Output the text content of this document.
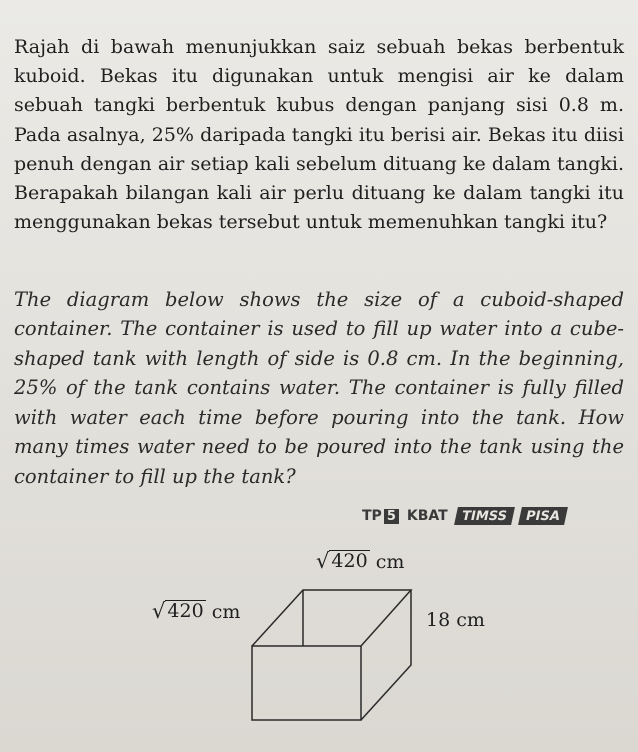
Rajah di bawah menunjukkan saiz sebuah bekas berbentuk kuboid. Bekas itu digunakan untuk mengisi air ke dalam sebuah tangki berbentuk kubus dengan panjang sisi 0.8 m. Pada asalnya, 25% daripada tangki itu berisi air. Bekas itu diisi penuh dengan air setiap kali sebelum dituang ke dalam tangki. Berapakah bilangan kali air perlu dituang ke dalam tangki itu menggunakan bekas tersebut untuk memenuhkan tangki itu?

The diagram below shows the size of a cuboid-shaped container. The container is used to fill up water into a cube-shaped tank with length of side is 0.8 cm. In the beginning, 25% of the tank contains water. The container is fully filled with water each time before pouring into the tank. How many times water need to be poured into the tank using the container to fill up the tank?

TP 5 KBAT TIMSS	PISA
√ 420 cm
√ 420 cm	18 cm
